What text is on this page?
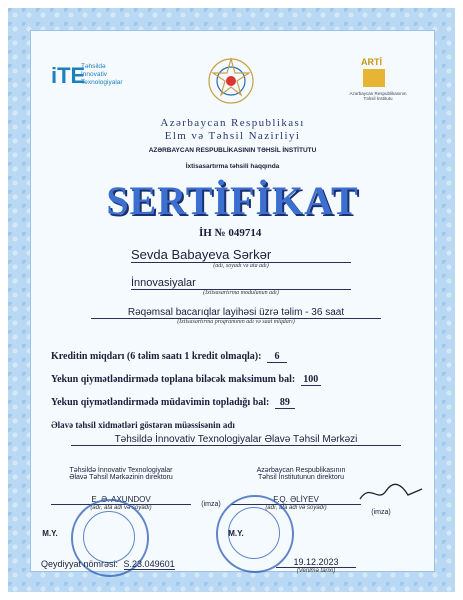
iTE
Təhsildə
İnnovativ
Texnologiyalar
ARTİ
Azərbaycan Respublikasının Təhsil İnstitutu
Azərbaycan Respublikası
Elm və Təhsil Nazirliyi
AZƏRBAYCAN RESPUBLİKASININ TƏHSİL İNSTİTUTU
İxtisasartırma təhsili haqqında
SERTİFİKAT
İH № 049714
Sevda Babayeva Sərkər
(adı, soyadı və ata adı)
İnnovasiyalar
(İxtisasartırma modulunun adı)
Rəqəmsal bacarıqlar layihəsi üzrə təlim - 36 saat
(İxtisasartırma proqramının adı və saat miqdarı)
Kreditin miqdarı (6 təlim saatı 1 kredit olmaqla): 6
Yekun qiymətləndirmədə toplana biləcək maksimum bal: 100
Yekun qiymətləndirmədə müdavimin topladığı bal: 89
Əlavə təhsil xidmətləri göstərən müəssisənin adı
Təhsildə İnnovativ Texnologiyalar Əlavə Təhsil Mərkəzi
Təhsildə İnnovativ Texnologiyalar
Əlavə Təhsil Mərkəzinin direktoru
Azərbaycan Respublikasının
Təhsil İnstitutunun direktoru
E. Ə. AXUNDOV
(adı, ata adı və soyadı)	(imza)
F.Q. ƏLİYEV
(adı, ata adı və soyadı)
(imza)
M.Y.	M.Y.
Qeydiyyat nömrəsi: S.23.049601	19.12.2023
(Verilmə tarixi)
